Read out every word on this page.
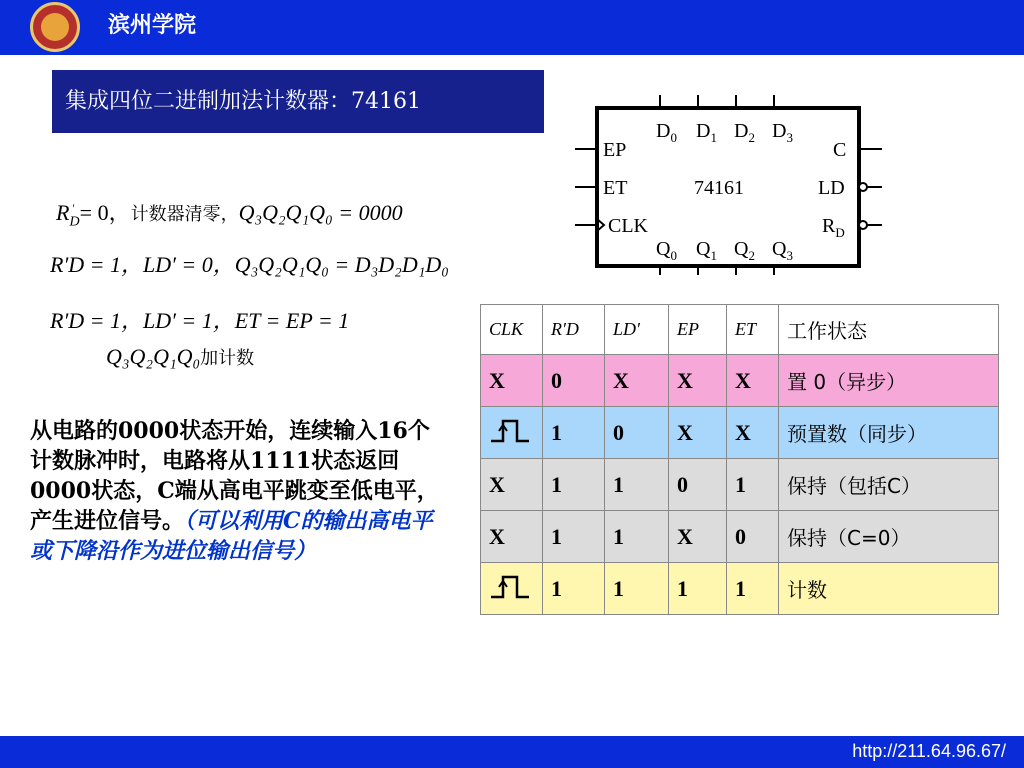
滨州学院
集成四位二进制加法计数器：74161
$R_D' = 0$，计数器清零，Q₃Q₂Q₁Q₀ = 0000
R′D = 1，LD′ = 0，Q₃Q₂Q₁Q₀ = D₃D₂D₁D₀
R′D = 1，LD′ = 1，ET = EP = 1
Q₃Q₂Q₁Q₀加计数
EP
ET
CLK
C
LD
$R_D$
$D_0$ $D_1$ $D_2$ $D_3$
74161
$Q_0$ $Q_1$ $Q_2$ $Q_3$
从电路的0000状态开始，连续输入16个计数脉冲时，电路将从1111状态返回0000状态，C端从高电平跳变至低电平，产生进位信号。（可以利用C的输出高电平或下降沿作为进位输出信号）
CLK	R′D	LD′	EP	ET	工作状态
X	0	X	X	X	置 0（异步）
	1	0	X	X	预置数（同步）
X	1	1	0	1	保持（包括C）
X	1	1	X	0	保持（C=0）
	1	1	1	1	计数
http://211.64.96.67/
